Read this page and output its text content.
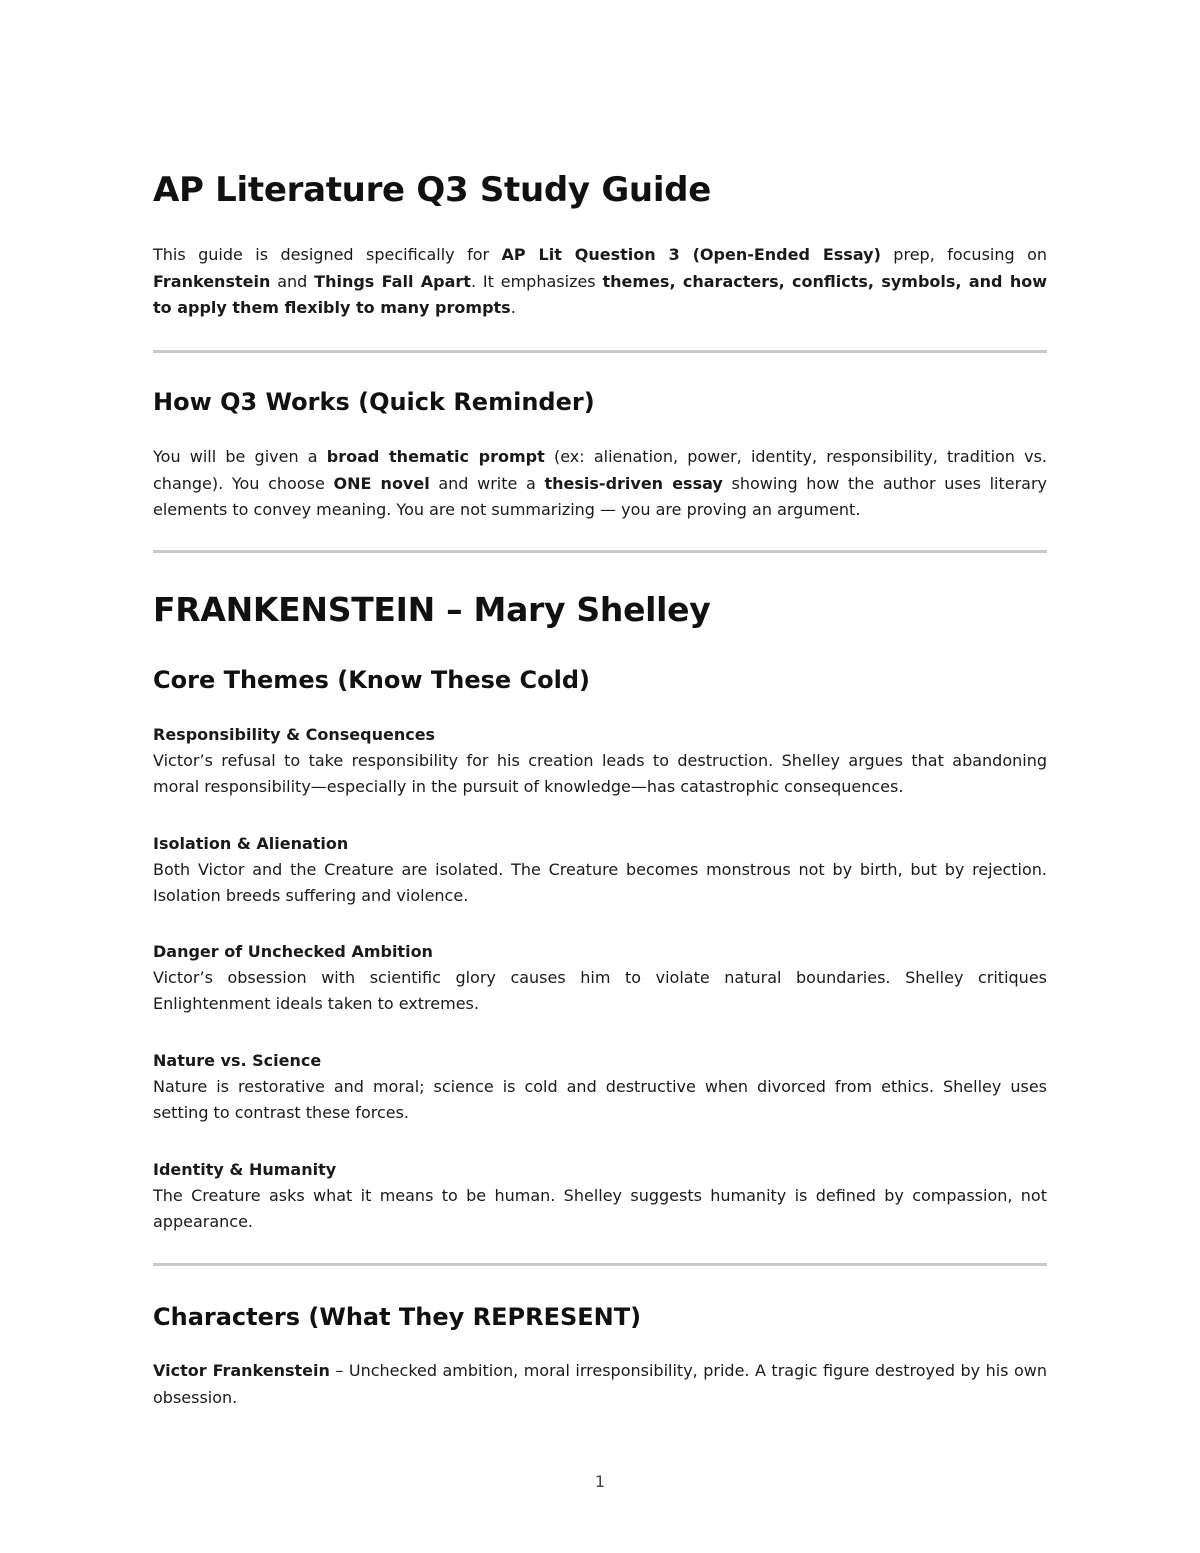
AP Literature Q3 Study Guide

This guide is designed specifically for AP Lit Question 3 (Open-Ended Essay) prep, focusing on Frankenstein and Things Fall Apart. It emphasizes themes, characters, conflicts, symbols, and how to apply them flexibly to many prompts.

How Q3 Works (Quick Reminder)

You will be given a broad thematic prompt (ex: alienation, power, identity, responsibility, tradition vs. change). You choose ONE novel and write a thesis-driven essay showing how the author uses literary elements to convey meaning. You are not summarizing — you are proving an argument.

FRANKENSTEIN – Mary Shelley
Core Themes (Know These Cold)
Responsibility & Consequences

Victor’s refusal to take responsibility for his creation leads to destruction. Shelley argues that abandoning moral responsibility—especially in the pursuit of knowledge—has catastrophic consequences.

Isolation & Alienation

Both Victor and the Creature are isolated. The Creature becomes monstrous not by birth, but by rejection. Isolation breeds suffering and violence.

Danger of Unchecked Ambition

Victor’s obsession with scientific glory causes him to violate natural boundaries. Shelley critiques Enlightenment ideals taken to extremes.

Nature vs. Science

Nature is restorative and moral; science is cold and destructive when divorced from ethics. Shelley uses setting to contrast these forces.

Identity & Humanity

The Creature asks what it means to be human. Shelley suggests humanity is defined by compassion, not appearance.

Characters (What They REPRESENT)

Victor Frankenstein – Unchecked ambition, moral irresponsibility, pride. A tragic figure destroyed by his own obsession.

1
